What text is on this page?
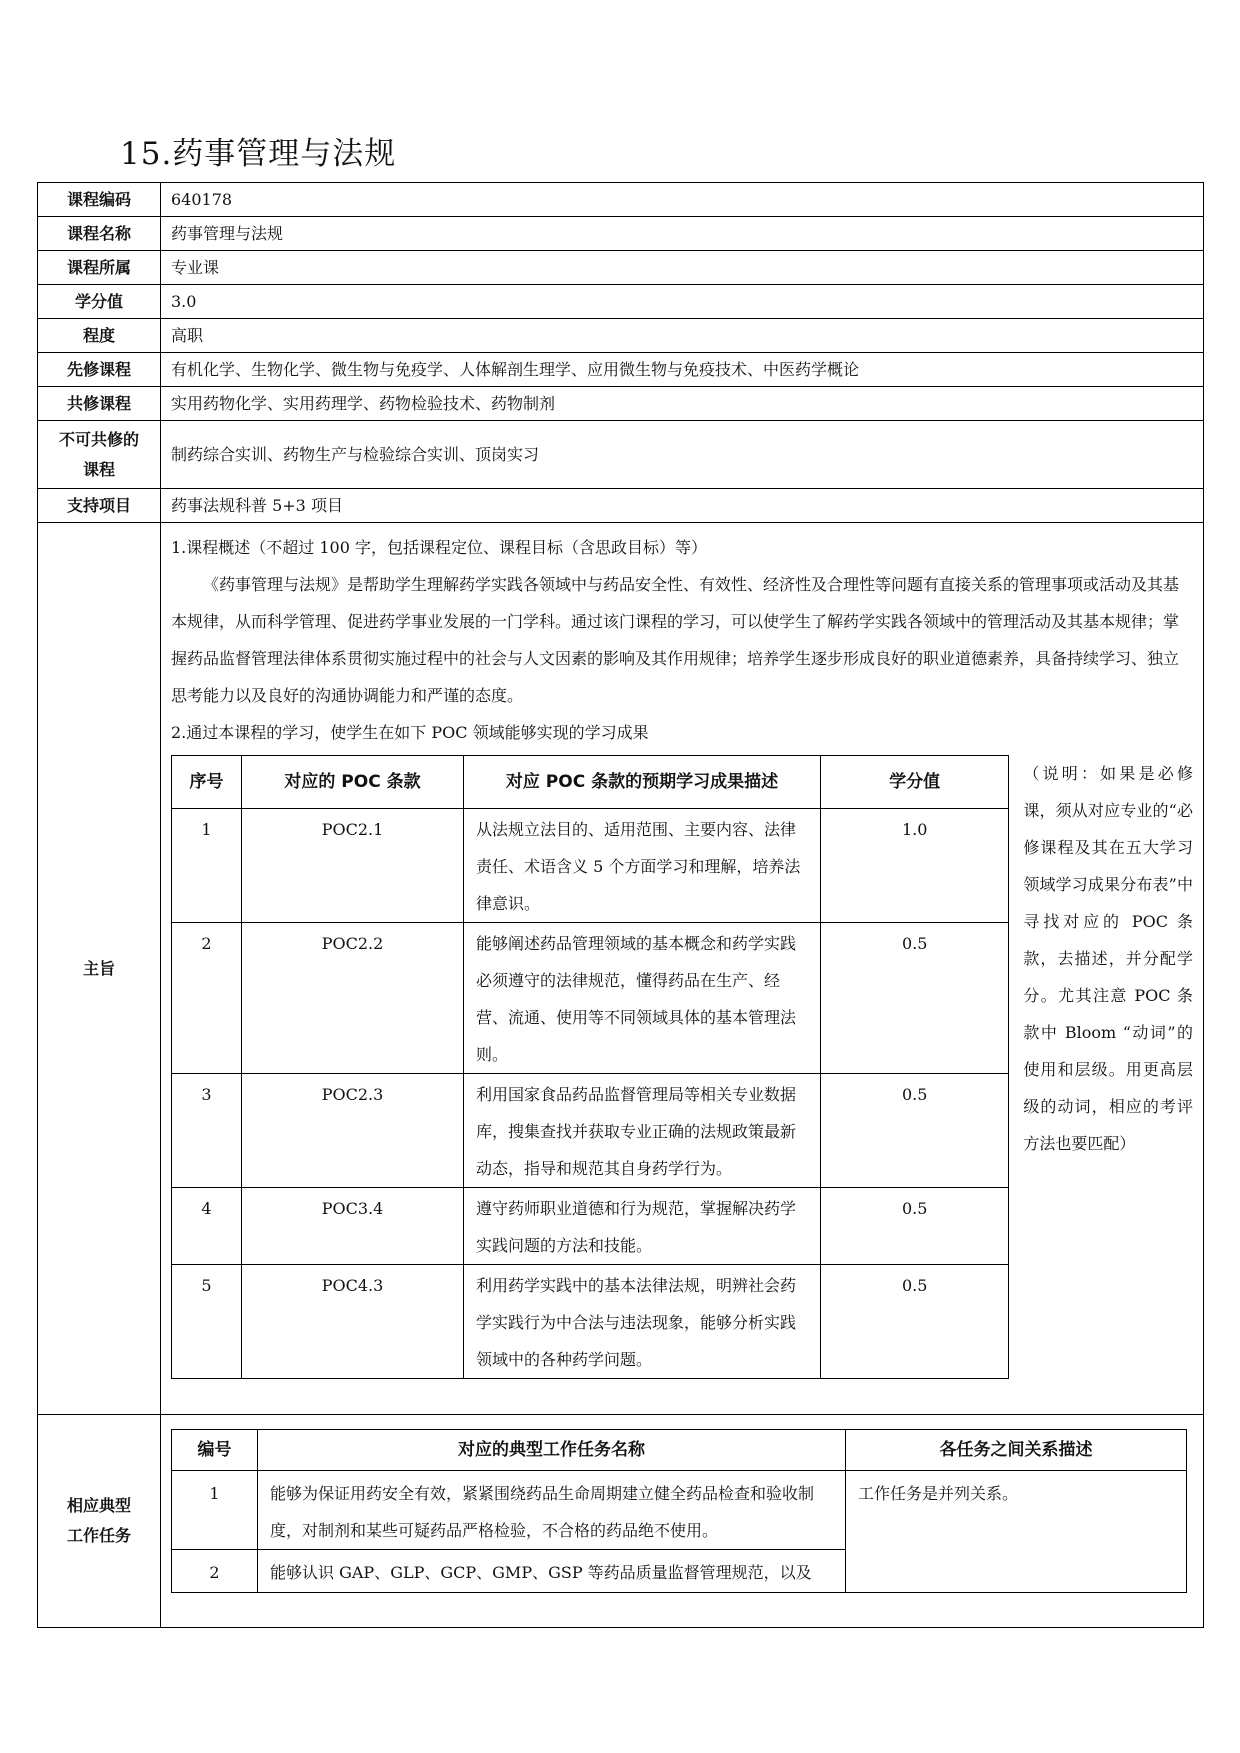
15.药事管理与法规
课程编码	640178
课程名称	药事管理与法规
课程所属	专业课
学分值	3.0
程度	高职
先修课程	有机化学、生物化学、微生物与免疫学、人体解剖生理学、应用微生物与免疫技术、中医药学概论
共修课程	实用药物化学、实用药理学、药物检验技术、药物制剂

不可共修的
课程
	制药综合实训、药物生产与检验综合实训、顶岗实习
支持项目	药事法规科普 5+3 项目
主旨	

1.课程概述（不超过 100 字，包括课程定位、课程目标（含思政目标）等）

《药事管理与法规》是帮助学生理解药学实践各领域中与药品安全性、有效性、经济性及合理性等问题有直接关系的管理事项或活动及其基本规律，从而科学管理、促进药学事业发展的一门学科。通过该门课程的学习，可以使学生了解药学实践各领域中的管理活动及其基本规律；掌握药品监督管理法律体系贯彻实施过程中的社会与人文因素的影响及其作用规律；培养学生逐步形成良好的职业道德素养，具备持续学习、独立思考能力以及良好的沟通协调能力和严谨的态度。

2.通过本课程的学习，使学生在如下 POC 领域能够实现的学习成果

序号	对应的 POC 条款	对应 POC 条款的预期学习成果描述	学分值
1	POC2.1	从法规立法目的、适用范围、主要内容、法律责任、术语含义 5 个方面学习和理解，培养法律意识。	1.0
2	POC2.2	能够阐述药品管理领域的基本概念和药学实践必须遵守的法律规范，懂得药品在生产、经营、流通、使用等不同领域具体的基本管理法则。	0.5
3	POC2.3	利用国家食品药品监督管理局等相关专业数据库，搜集查找并获取专业正确的法规政策最新动态，指导和规范其自身药学行为。	0.5
4	POC3.4	遵守药师职业道德和行为规范，掌握解决药学实践问题的方法和技能。	0.5
5	POC4.3	利用药学实践中的基本法律法规，明辨社会药学实践行为中合法与违法现象，能够分析实践领域中的各种药学问题。	0.5
（说明：如果是必修课，须从对应专业的“必修课程及其在五大学习领域学习成果分布表”中寻找对应的 POC 条款，去描述，并分配学分。尤其注意 POC 条款中 Bloom “动词”的使用和层级。用更高层级的动词，相应的考评方法也要匹配）

相应典型
工作任务

编号	对应的典型工作任务名称	各任务之间关系描述
1	能够为保证用药安全有效，紧紧围绕药品生命周期建立健全药品检查和验收制度，对制剂和某些可疑药品严格检验，不合格的药品绝不使用。	工作任务是并列关系。
2	能够认识 GAP、GLP、GCP、GMP、GSP 等药品质量监督管理规范，以及
